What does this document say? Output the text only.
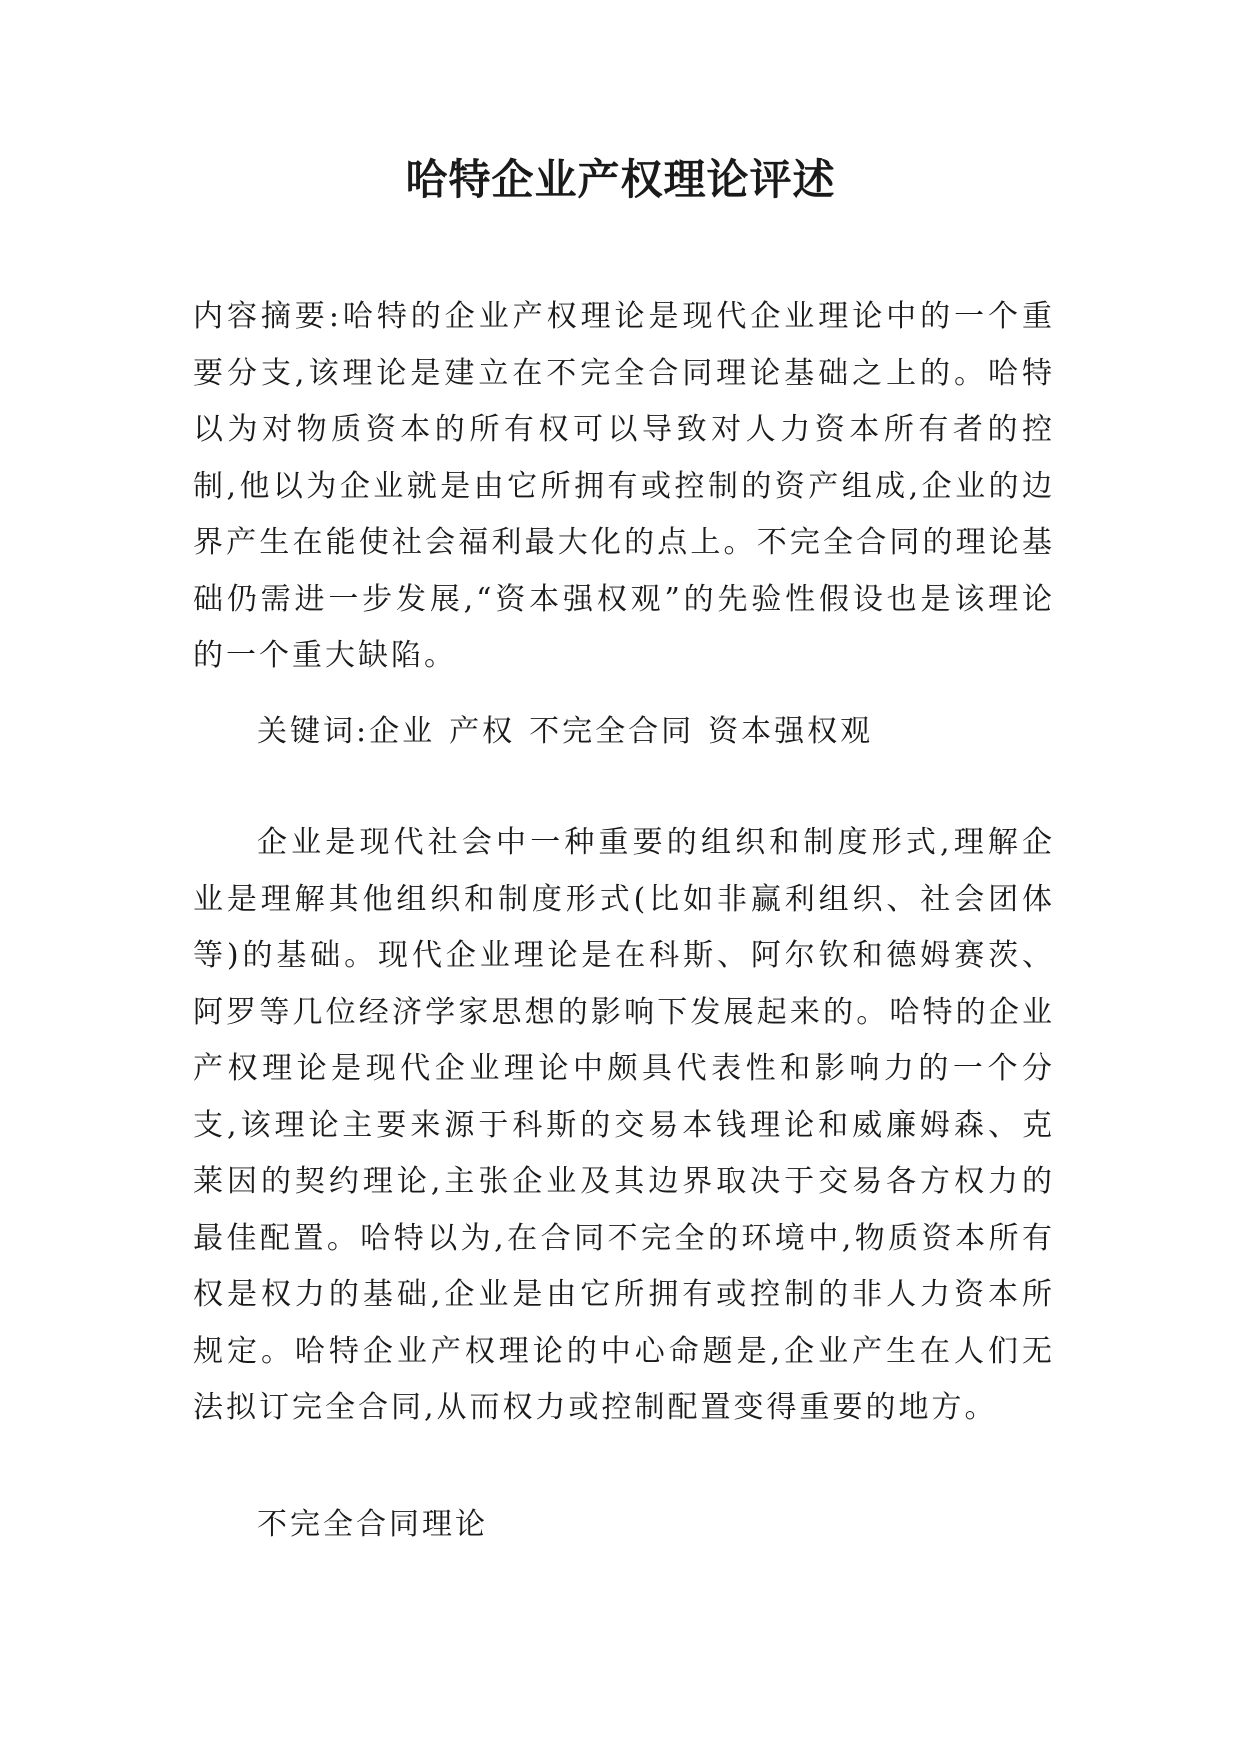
哈特企业产权理论评述
内容摘要:哈特的企业产权理论是现代企业理论中的一个重要分支,该理论是建立在不完全合同理论基础之上的。哈特以为对物质资本的所有权可以导致对人力资本所有者的控制,他以为企业就是由它所拥有或控制的资产组成,企业的边界产生在能使社会福利最大化的点上。不完全合同的理论基础仍需进一步发展,“资本强权观”的先验性假设也是该理论的一个重大缺陷。
关键词:企业 产权 不完全合同 资本强权观
企业是现代社会中一种重要的组织和制度形式,理解企业是理解其他组织和制度形式(比如非赢利组织、社会团体等)的基础。现代企业理论是在科斯、阿尔钦和德姆赛茨、阿罗等几位经济学家思想的影响下发展起来的。哈特的企业产权理论是现代企业理论中颇具代表性和影响力的一个分支,该理论主要来源于科斯的交易本钱理论和威廉姆森、克莱因的契约理论,主张企业及其边界取决于交易各方权力的最佳配置。哈特以为,在合同不完全的环境中,物质资本所有权是权力的基础,企业是由它所拥有或控制的非人力资本所规定。哈特企业产权理论的中心命题是,企业产生在人们无法拟订完全合同,从而权力或控制配置变得重要的地方。
不完全合同理论
